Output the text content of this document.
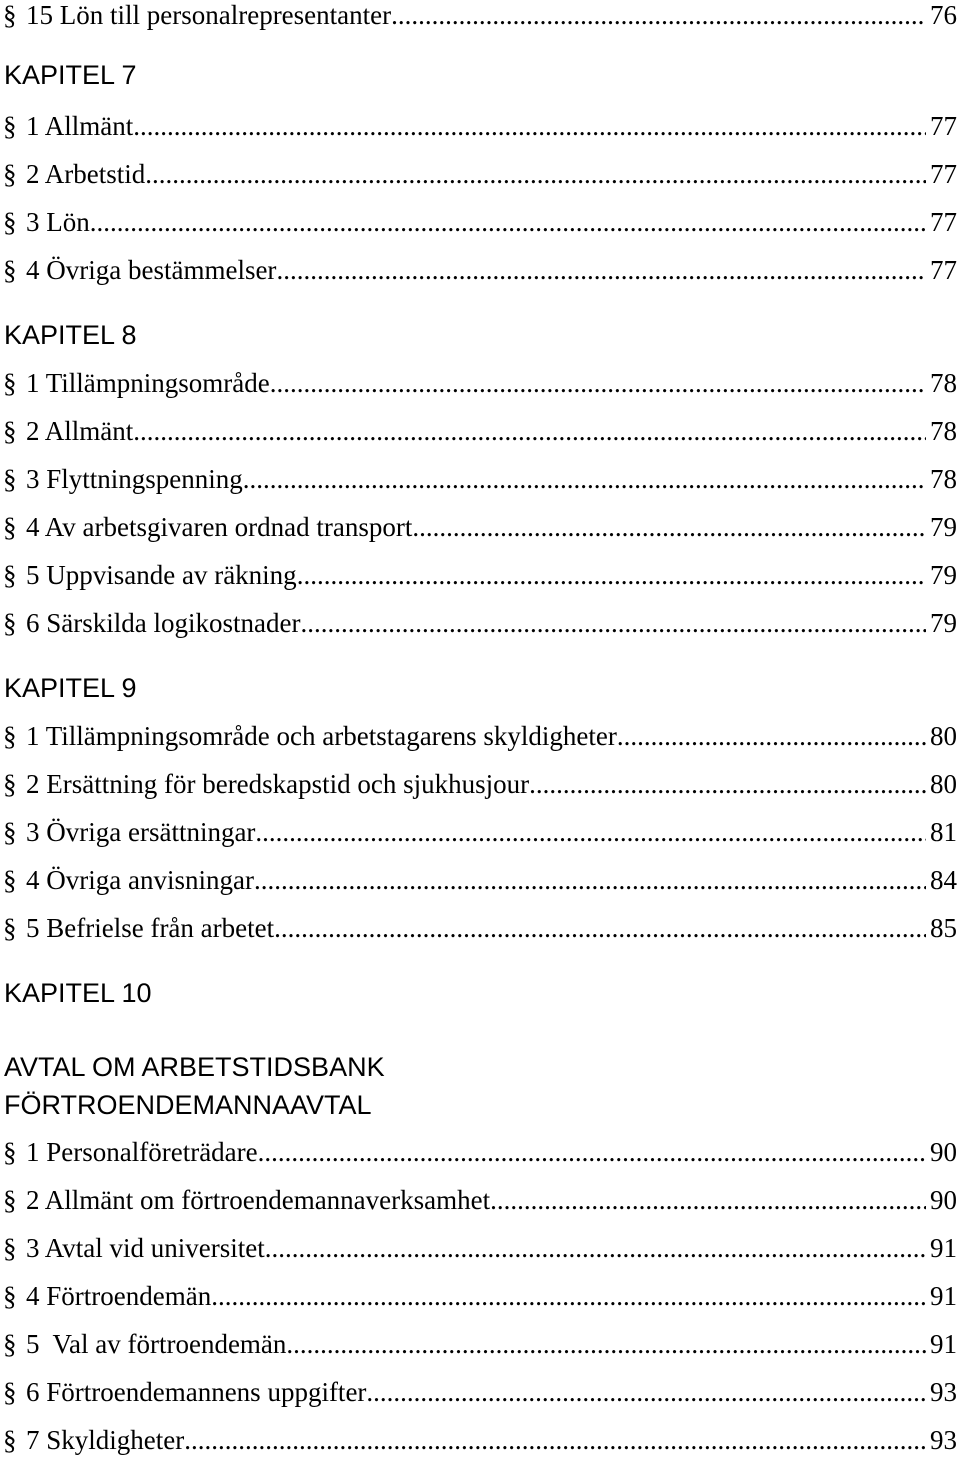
§ 15 Lön till personalrepresentanter .....	76
KAPITEL 7
§ 1 Allmänt .....	77
§ 2 Arbetstid .....	77
§ 3 Lön .....	77
§ 4 Övriga bestämmelser .....	77
KAPITEL 8
§ 1 Tillämpningsområde .....	78
§ 2 Allmänt .....	78
§ 3 Flyttningspenning .....	78
§ 4 Av arbetsgivaren ordnad transport .....	79
§ 5 Uppvisande av räkning .....	79
§ 6 Särskilda logikostnader .....	79
KAPITEL 9
§ 1 Tillämpningsområde och arbetstagarens skyldigheter .....	80
§ 2 Ersättning för beredskapstid och sjukhusjour .....	80
§ 3 Övriga ersättningar .....	81
§ 4 Övriga anvisningar .....	84
§ 5 Befrielse från arbetet .....	85
KAPITEL 10
AVTAL OM ARBETSTIDSBANK
FÖRTROENDEMANNAAVTAL
§ 1 Personalföreträdare .....	90
§ 2 Allmänt om förtroendemannaverksamhet .....	90
§ 3 Avtal vid universitet .....	91
§ 4 Förtroendemän .....	91
§ 5  Val av förtroendemän .....	91
§ 6 Förtroendemannens uppgifter .....	93
§ 7 Skyldigheter .....	93
